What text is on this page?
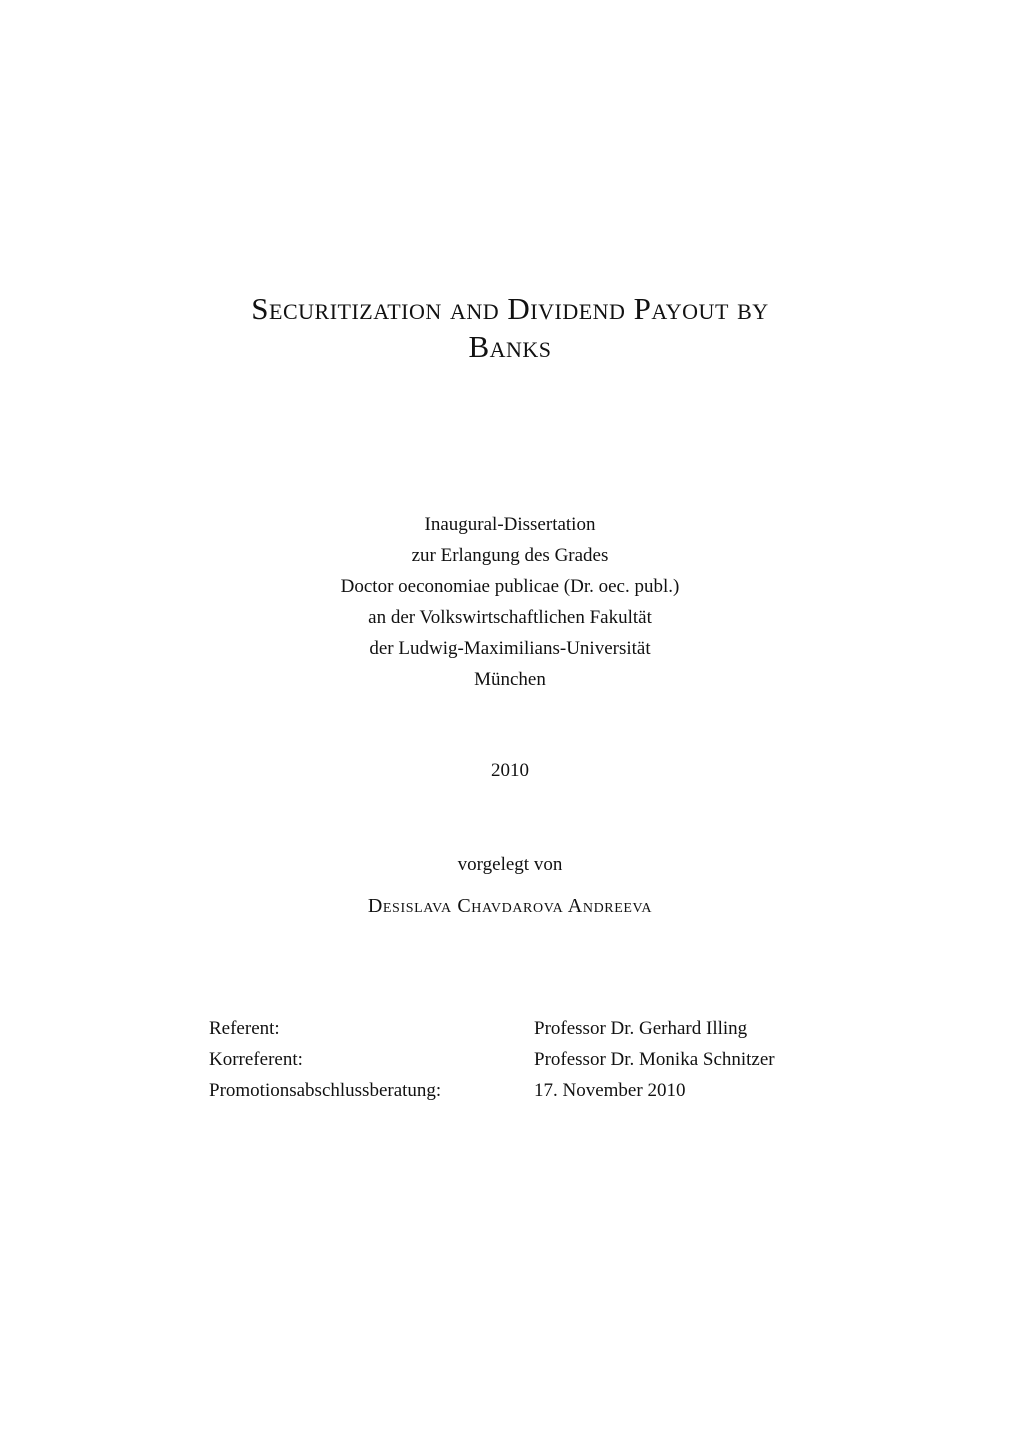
Securitization and Dividend Payout by
Banks
Inaugural-Dissertation
zur Erlangung des Grades
Doctor oeconomiae publicae (Dr. oec. publ.)
an der Volkswirtschaftlichen Fakultät
der Ludwig-Maximilians-Universität
München
2010
vorgelegt von
Desislava Chavdarova Andreeva
Referent:	Professor Dr. Gerhard Illing
Korreferent:	Professor Dr. Monika Schnitzer
Promotionsabschlussberatung:	17. November 2010
